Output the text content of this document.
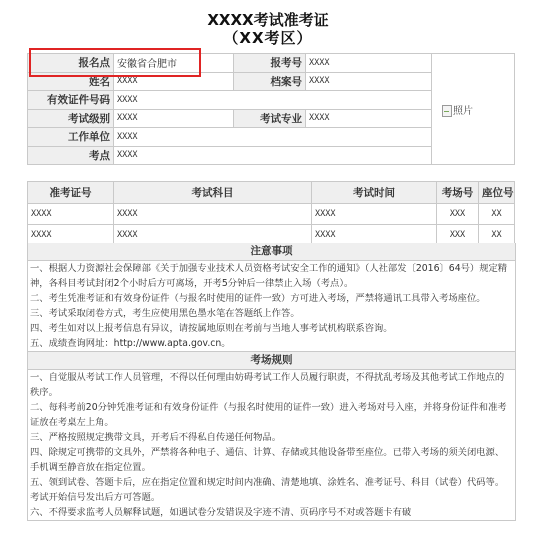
XXXX考试准考证
（XX考区）
报名点	安徽省合肥市	报考号	XXXX	照片
姓名	XXXX	档案号	XXXX	
有效证件号码	XXXX			
考试级别	XXXX	考试专业	XXXX	
工作单位	XXXX			
考点	XXXX			
准考证号	考试科目	考试时间	考场号	座位号
XXXX	XXXX	XXXX	XXX	XX
XXXX	XXXX	XXXX	XXX	XX
注意事项
一、根据人力资源社会保障部《关于加强专业技术人员资格考试安全工作的通知》（人社部发〔2016〕64号）规定精神，各科目考试封闭2个小时后方可离场，开考5分钟后一律禁止入场（考点）。
二、考生凭准考证和有效身份证件（与报名时使用的证件一致）方可进入考场，严禁将通讯工具带入考场座位。
三、考试采取闭卷方式，考生应使用黑色墨水笔在答题纸上作答。
四、考生如对以上报考信息有异议，请按属地原则在考前与当地人事考试机构联系咨询。
五、成绩查询网址：http://www.apta.gov.cn。
考场规则
一、自觉服从考试工作人员管理，不得以任何理由妨碍考试工作人员履行职责，不得扰乱考场及其他考试工作地点的秩序。
二、每科考前20分钟凭准考证和有效身份证件（与报名时使用的证件一致）进入考场对号入座，并将身份证件和准考证放在考桌左上角。
三、严格按照规定携带文具，开考后不得私自传递任何物品。
四、除规定可携带的文具外，严禁将各种电子、通信、计算、存储或其他设备带至座位。已带入考场的须关闭电源、手机调至静音放在指定位置。
五、领到试卷、答题卡后，应在指定位置和规定时间内准确、清楚地填、涂姓名、准考证号、科目（试卷）代码等。考试开始信号发出后方可答题。
六、不得要求监考人员解释试题，如遇试卷分发错误及字迹不清、页码序号不对或答题卡有破
